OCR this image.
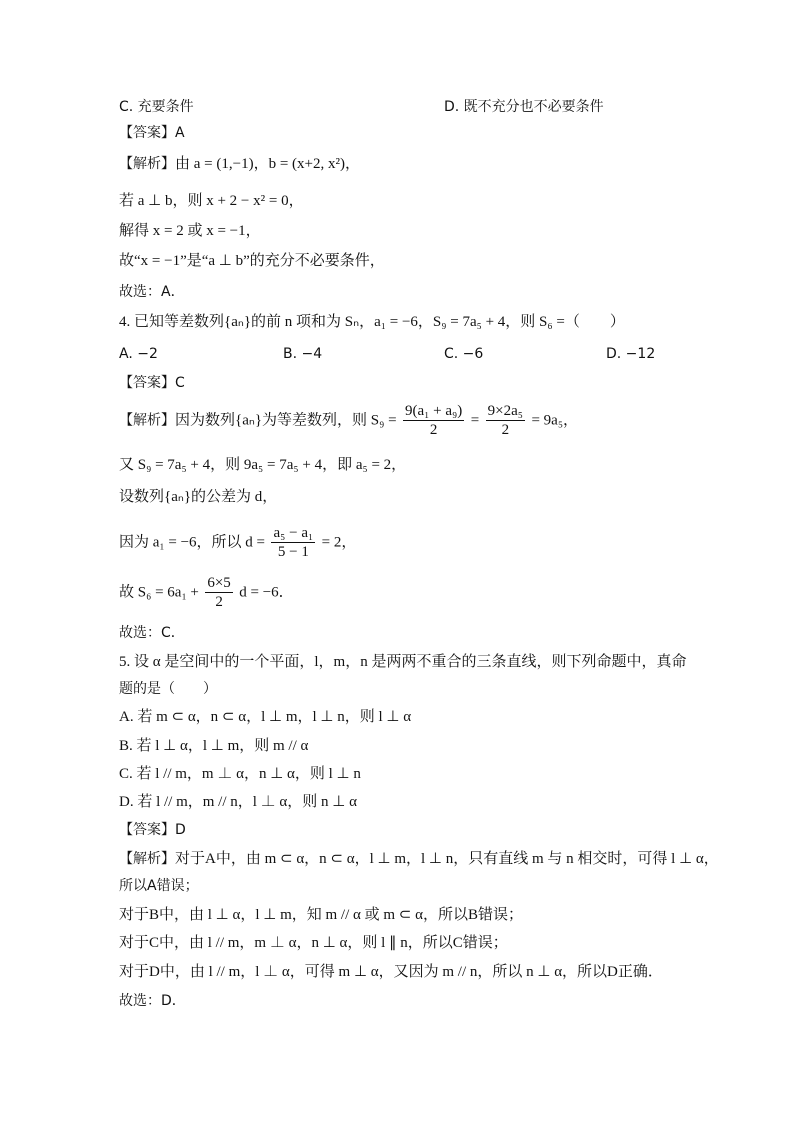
C. 充要条件	D. 既不充分也不必要条件
【答案】A
【解析】由 a = (1,−1)，b = (x+2, x²)，
若 a ⊥ b，则 x + 2 − x² = 0，
解得 x = 2 或 x = −1，
故“x = −1”是“a ⊥ b”的充分不必要条件，
故选：A．
4. 已知等差数列{aₙ}的前 n 项和为 Sₙ，a₁ = −6，S₉ = 7a₅ + 4，则 S₆ =（　　）
A. −2	B. −4	C. −6	D. −12
【答案】C
【解析】因为数列{aₙ}为等差数列，则 $S_9 = \frac{\text{9(a₁ + a₉)}}{2} = \frac{\text{9×2a₅}}{2} = 9a_5$，
又 S₉ = 7a₅ + 4，则 9a₅ = 7a₅ + 4，即 a₅ = 2，
设数列{aₙ}的公差为 d，
因为 a₁ = −6，所以 $d = \frac{\text{a₅ − a₁}}{5 - 1} = 2$，
故 $S_6 = 6a_1 + \frac{6\times 5}{2}$ d = −6．
故选：C．
5. 设 α 是空间中的一个平面，l，m，n 是两两不重合的三条直线，则下列命题中，真命
题的是（　　）
A. 若 m ⊂ α，n ⊂ α，l ⊥ m，l ⊥ n，则 l ⊥ α
B. 若 l ⊥ α，l ⊥ m，则 m // α
C. 若 l // m，m ⊥ α，n ⊥ α，则 l ⊥ n
D. 若 l // m，m // n，l ⊥ α，则 n ⊥ α
【答案】D
【解析】对于A中，由 m ⊂ α，n ⊂ α，l ⊥ m，l ⊥ n，只有直线 m 与 n 相交时，可得 l ⊥ α，
所以A错误；
对于B中，由 l ⊥ α，l ⊥ m，知 m // α 或 m ⊂ α，所以B错误；
对于C中，由 l // m，m ⊥ α，n ⊥ α，则 l ∥ n，所以C错误；
对于D中，由 l // m，l ⊥ α，可得 m ⊥ α，又因为 m // n，所以 n ⊥ α，所以D正确．
故选：D．
